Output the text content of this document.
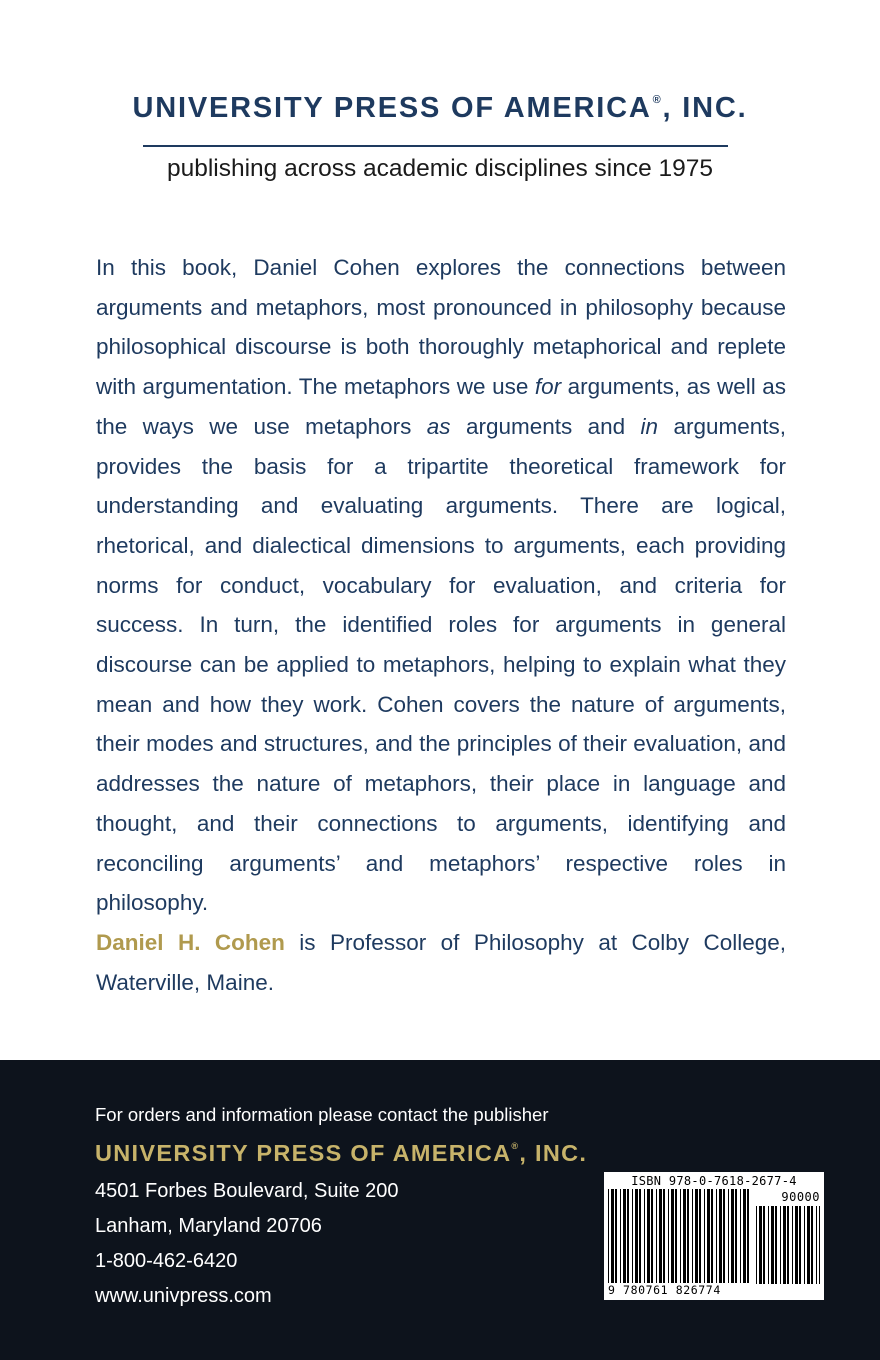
UNIVERSITY PRESS OF AMERICA®, INC.
publishing across academic disciplines since 1975

In this book, Daniel Cohen explores the connections between arguments and metaphors, most pronounced in philosophy because philosophical discourse is both thoroughly metaphorical and replete with argumentation. The metaphors we use for arguments, as well as the ways we use metaphors as arguments and in arguments, provides the basis for a tripartite theoretical framework for understanding and evaluating arguments. There are logical, rhetorical, and dialectical dimensions to arguments, each providing norms for conduct, vocabulary for evaluation, and criteria for success. In turn, the identified roles for arguments in general discourse can be applied to metaphors, helping to explain what they mean and how they work. Cohen covers the nature of arguments, their modes and structures, and the principles of their evaluation, and addresses the nature of metaphors, their place in language and thought, and their connections to arguments, identifying and reconciling arguments’ and metaphors’ respective roles in philosophy.

Daniel H. Cohen is Professor of Philosophy at Colby College, Waterville, Maine.

For orders and information please contact the publisher
UNIVERSITY PRESS OF AMERICA®, INC.
4501 Forbes Boulevard, Suite 200
Lanham, Maryland 20706
1-800-462-6420
www.univpress.com
ISBN 978-0-7618-2677-4
90000
9 780761 826774
